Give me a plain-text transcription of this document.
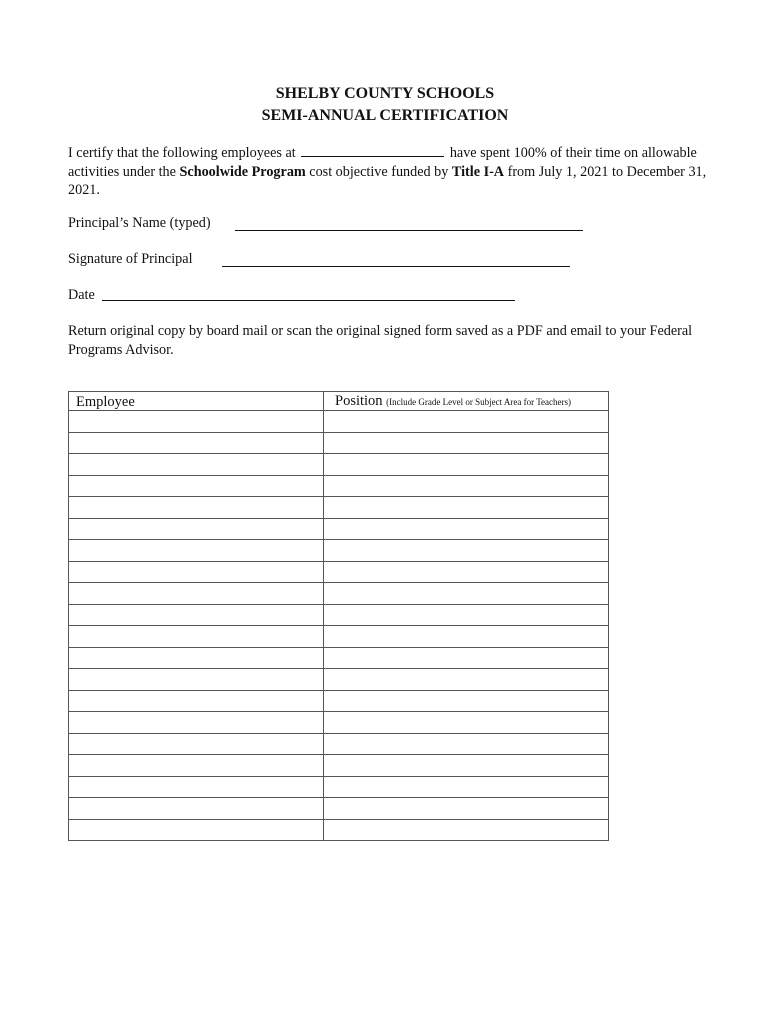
SHELBY COUNTY SCHOOLS
SEMI-ANNUAL CERTIFICATION
I certify that the following employees at	have spent 100% of their time on allowable activities under the Schoolwide Program cost objective funded by Title I-A from July 1, 2021 to December 31, 2021.
Principal’s Name (typed)
Signature of Principal
Date
Return original copy by board mail or scan the original signed form saved as a PDF and email to your Federal Programs Advisor.
Employee	Position (Include Grade Level or Subject Area for Teachers)
